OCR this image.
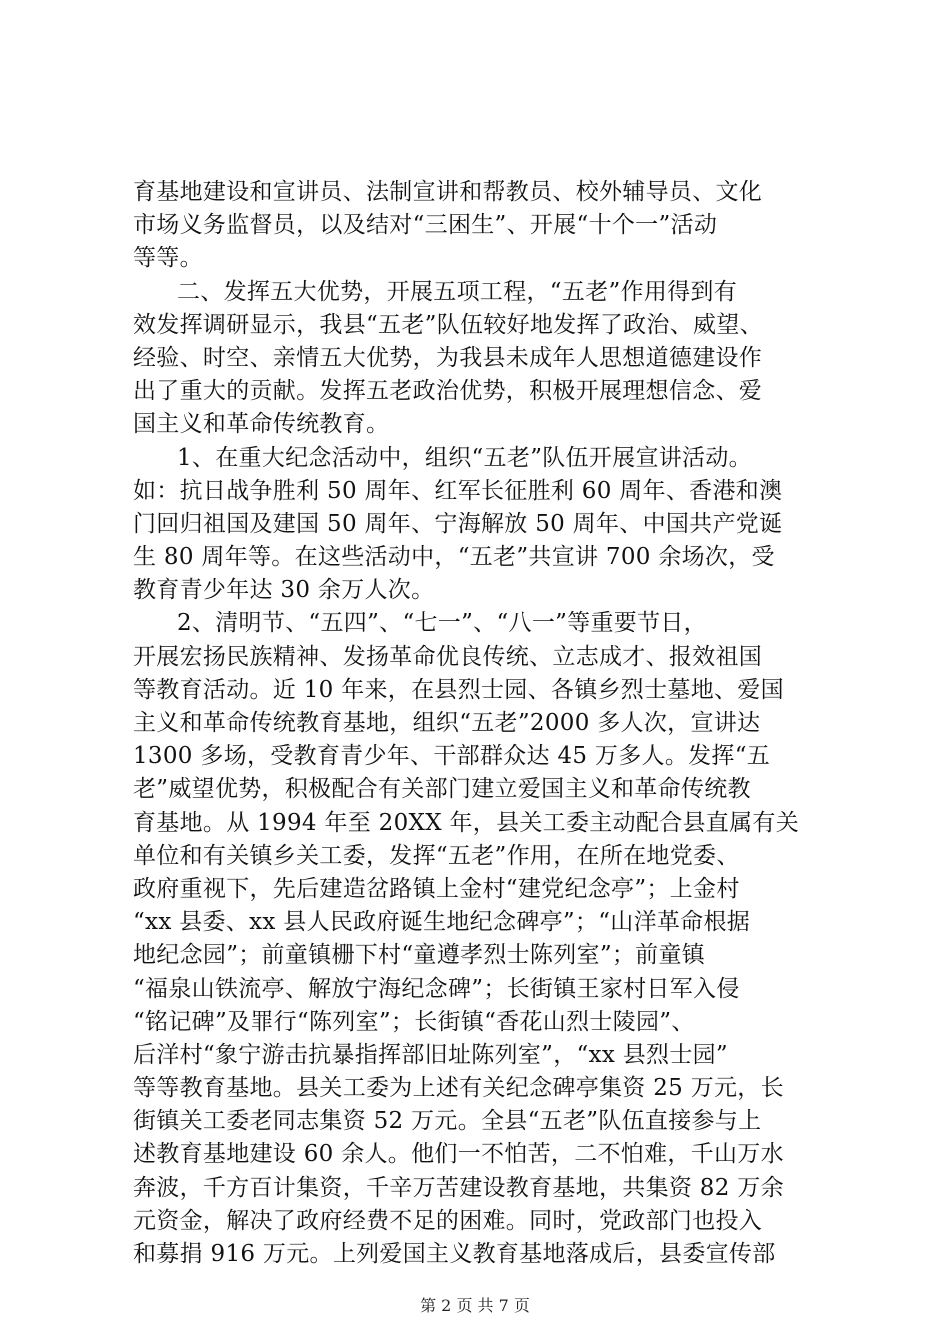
育基地建设和宣讲员、法制宣讲和帮教员、校外辅导员、文化
市场义务监督员，以及结对“三困生”、开展“十个一”活动
等等。
二、发挥五大优势，开展五项工程，“五老”作用得到有
效发挥调研显示，我县“五老”队伍较好地发挥了政治、威望、
经验、时空、亲情五大优势，为我县未成年人思想道德建设作
出了重大的贡献。发挥五老政治优势，积极开展理想信念、爱
国主义和革命传统教育。
1、在重大纪念活动中，组织“五老”队伍开展宣讲活动。
如：抗日战争胜利 50 周年、红军长征胜利 60 周年、香港和澳
门回归祖国及建国 50 周年、宁海解放 50 周年、中国共产党诞
生 80 周年等。在这些活动中，“五老”共宣讲 700 余场次，受
教育青少年达 30 余万人次。
2、清明节、“五四”、“七一”、“八一”等重要节日，
开展宏扬民族精神、发扬革命优良传统、立志成才、报效祖国
等教育活动。近 10 年来，在县烈士园、各镇乡烈士墓地、爱国
主义和革命传统教育基地，组织“五老”2000 多人次，宣讲达
1300 多场，受教育青少年、干部群众达 45 万多人。发挥“五
老”威望优势，积极配合有关部门建立爱国主义和革命传统教
育基地。从 1994 年至 20XX 年，县关工委主动配合县直属有关
单位和有关镇乡关工委，发挥“五老”作用，在所在地党委、
政府重视下，先后建造岔路镇上金村“建党纪念亭”；上金村
“xx 县委、xx 县人民政府诞生地纪念碑亭”；“山洋革命根据
地纪念园”；前童镇栅下村“童遵孝烈士陈列室”；前童镇
“福泉山铁流亭、解放宁海纪念碑”；长街镇王家村日军入侵
“铭记碑”及罪行“陈列室”；长街镇“香花山烈士陵园”、
后洋村“象宁游击抗暴指挥部旧址陈列室”，“xx 县烈士园”
等等教育基地。县关工委为上述有关纪念碑亭集资 25 万元，长
街镇关工委老同志集资 52 万元。全县“五老”队伍直接参与上
述教育基地建设 60 余人。他们一不怕苦，二不怕难，千山万水
奔波，千方百计集资，千辛万苦建设教育基地，共集资 82 万余
元资金，解决了政府经费不足的困难。同时，党政部门也投入
和募捐 916 万元。上列爱国主义教育基地落成后，县委宣传部
第 2 页 共 7 页
